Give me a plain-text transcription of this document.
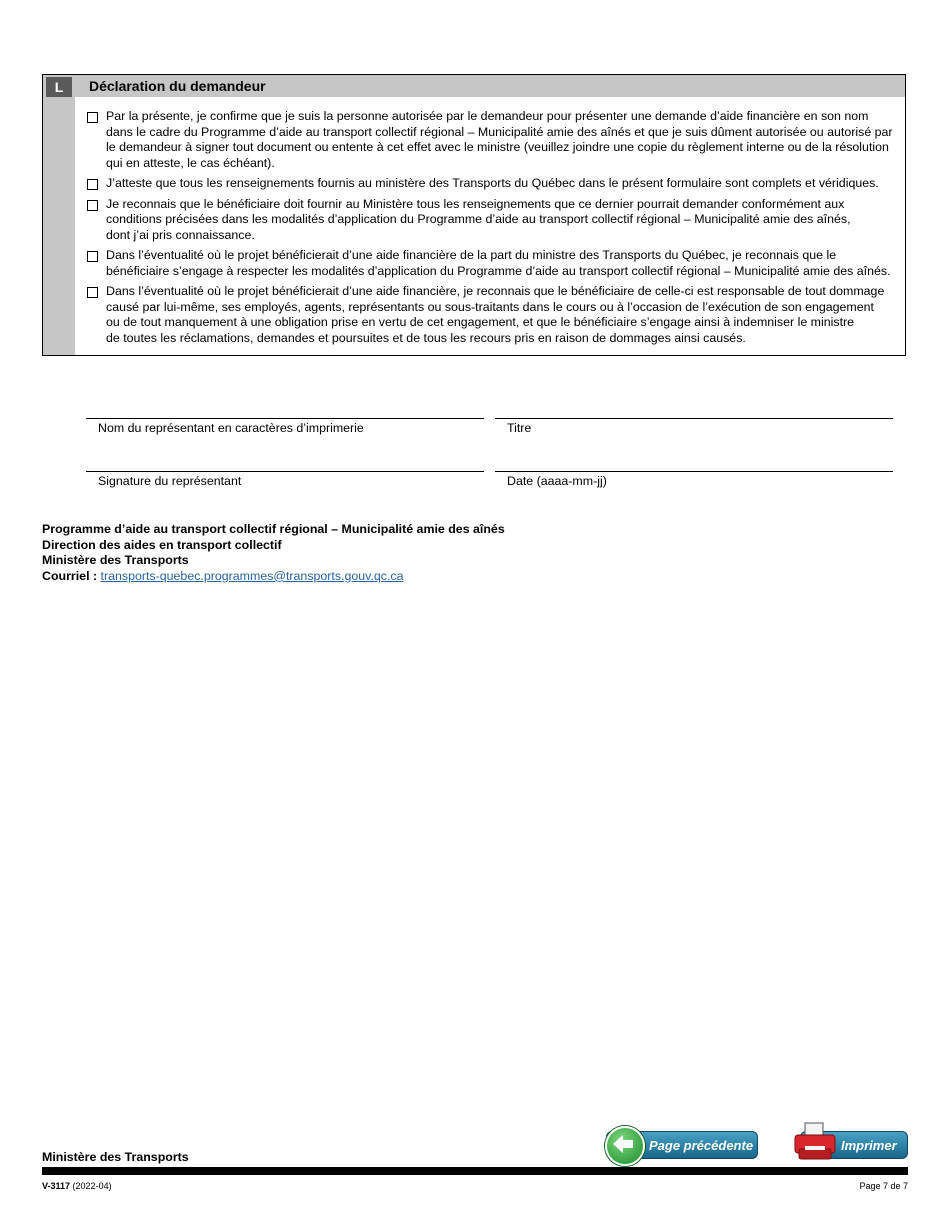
L	Déclaration du demandeur
Par la présente, je confirme que je suis la personne autorisée par le demandeur pour présenter une demande d’aide financière en son nom
dans le cadre du Programme d’aide au transport collectif régional – Municipalité amie des aînés et que je suis dûment autorisée ou autorisé par
le demandeur à signer tout document ou entente à cet effet avec le ministre (veuillez joindre une copie du règlement interne ou de la résolution
qui en atteste, le cas échéant).
J’atteste que tous les renseignements fournis au ministère des Transports du Québec dans le présent formulaire sont complets et véridiques.
Je reconnais que le bénéficiaire doit fournir au Ministère tous les renseignements que ce dernier pourrait demander conformément aux
conditions précisées dans les modalités d’application du Programme d’aide au transport collectif régional – Municipalité amie des aînés,
dont j’ai pris connaissance.
Dans l’éventualité où le projet bénéficierait d’une aide financière de la part du ministre des Transports du Québec, je reconnais que le
bénéficiaire s’engage à respecter les modalités d’application du Programme d’aide au transport collectif régional – Municipalité amie des aînés.
Dans l’éventualité où le projet bénéficierait d’une aide financière, je reconnais que le bénéficiaire de celle-ci est responsable de tout dommage
causé par lui-même, ses employés, agents, représentants ou sous-traitants dans le cours ou à l’occasion de l’exécution de son engagement
ou de tout manquement à une obligation prise en vertu de cet engagement, et que le bénéficiaire s’engage ainsi à indemniser le ministre
de toutes les réclamations, demandes et poursuites et de tous les recours pris en raison de dommages ainsi causés.
Nom du représentant en caractères d’imprimerie	Titre
Signature du représentant	Date (aaaa-mm-jj)
Programme d’aide au transport collectif régional – Municipalité amie des aînés
Direction des aides en transport collectif
Ministère des Transports
Courriel : transports-quebec.programmes@transports.gouv.qc.ca
Page précédente	Imprimer
Ministère des Transports
V-3117 (2022-04)	Page 7 de 7
